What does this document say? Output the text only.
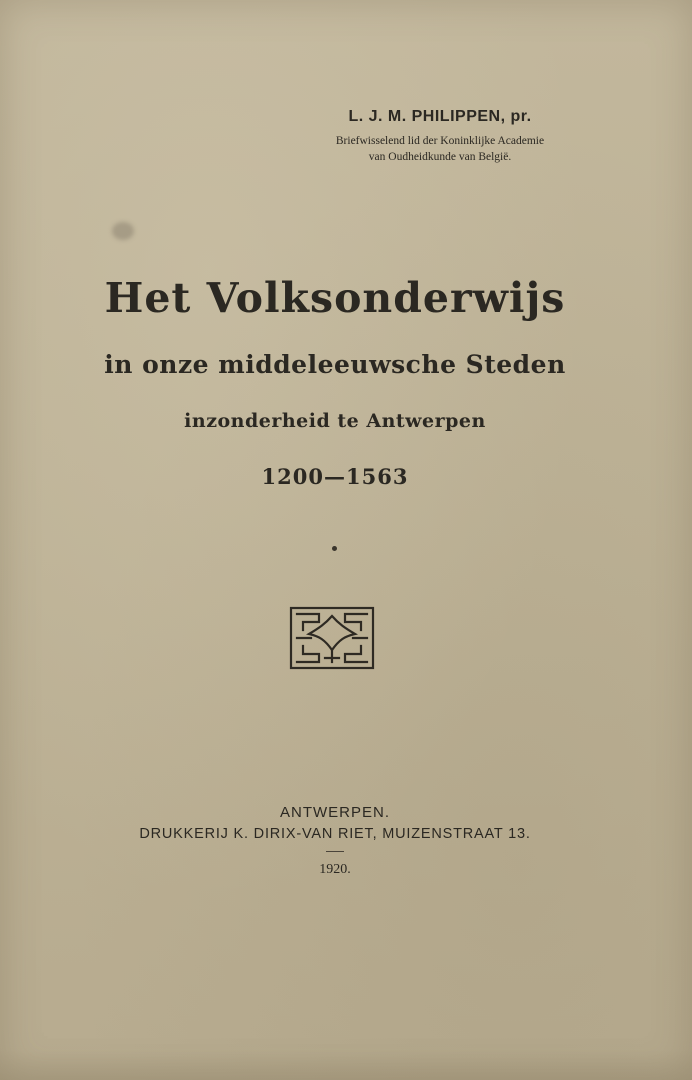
L. J. M. PHILIPPEN, pr.
Briefwisselend lid der Koninklijke Academie
van Oudheidkunde van België.
Het Volksonderwijs
in onze middeleeuwsche Steden
inzonderheid te Antwerpen
1200—1563
ANTWERPEN.
DRUKKERIJ K. DIRIX-VAN RIET, MUIZENSTRAAT 13.
1920.
